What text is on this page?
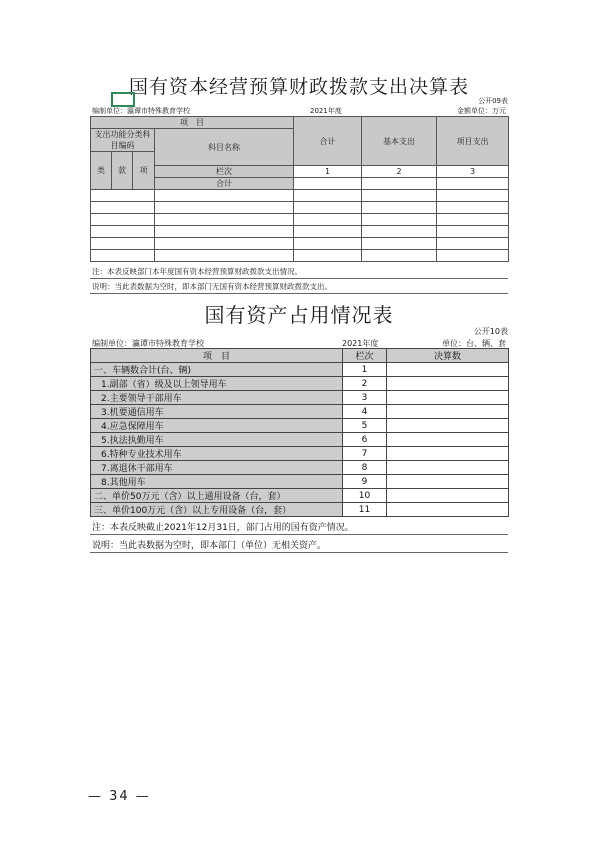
国有资本经营预算财政拨款支出决算表
公开09表
编制单位：瀛谭市特殊教育学校	2021年度	金额单位：万元
项　目				合计	基本支出	项目支出
支出功能分类科目编码			科目名称			
类	款	项				
			栏次	1	2	3
			合计			

注：本表反映部门本年度国有资本经营预算财政拨款支出情况。
说明：当此表数据为空时，即本部门无国有资本经营预算财政拨款支出。
国有资产占用情况表
公开10表
编制单位：瀛谭市特殊教育学校	2021年度	单位：台、辆、套
项　目	栏次	决算数
一、车辆数合计(台、辆)	1	
1.副部（省）级及以上领导用车	2	
2.主要领导干部用车	3	
3.机要通信用车	4	
4.应急保障用车	5	
5.执法执勤用车	6	
6.特种专业技术用车	7	
7.离退休干部用车	8	
8.其他用车	9	
二、单价50万元（含）以上通用设备（台，套）	10	
三、单价100万元（含）以上专用设备（台，套）	11	
注：本表反映截止2021年12月31日，部门占用的国有资产情况。
说明：当此表数据为空时，即本部门（单位）无相关资产。
— 34 —
